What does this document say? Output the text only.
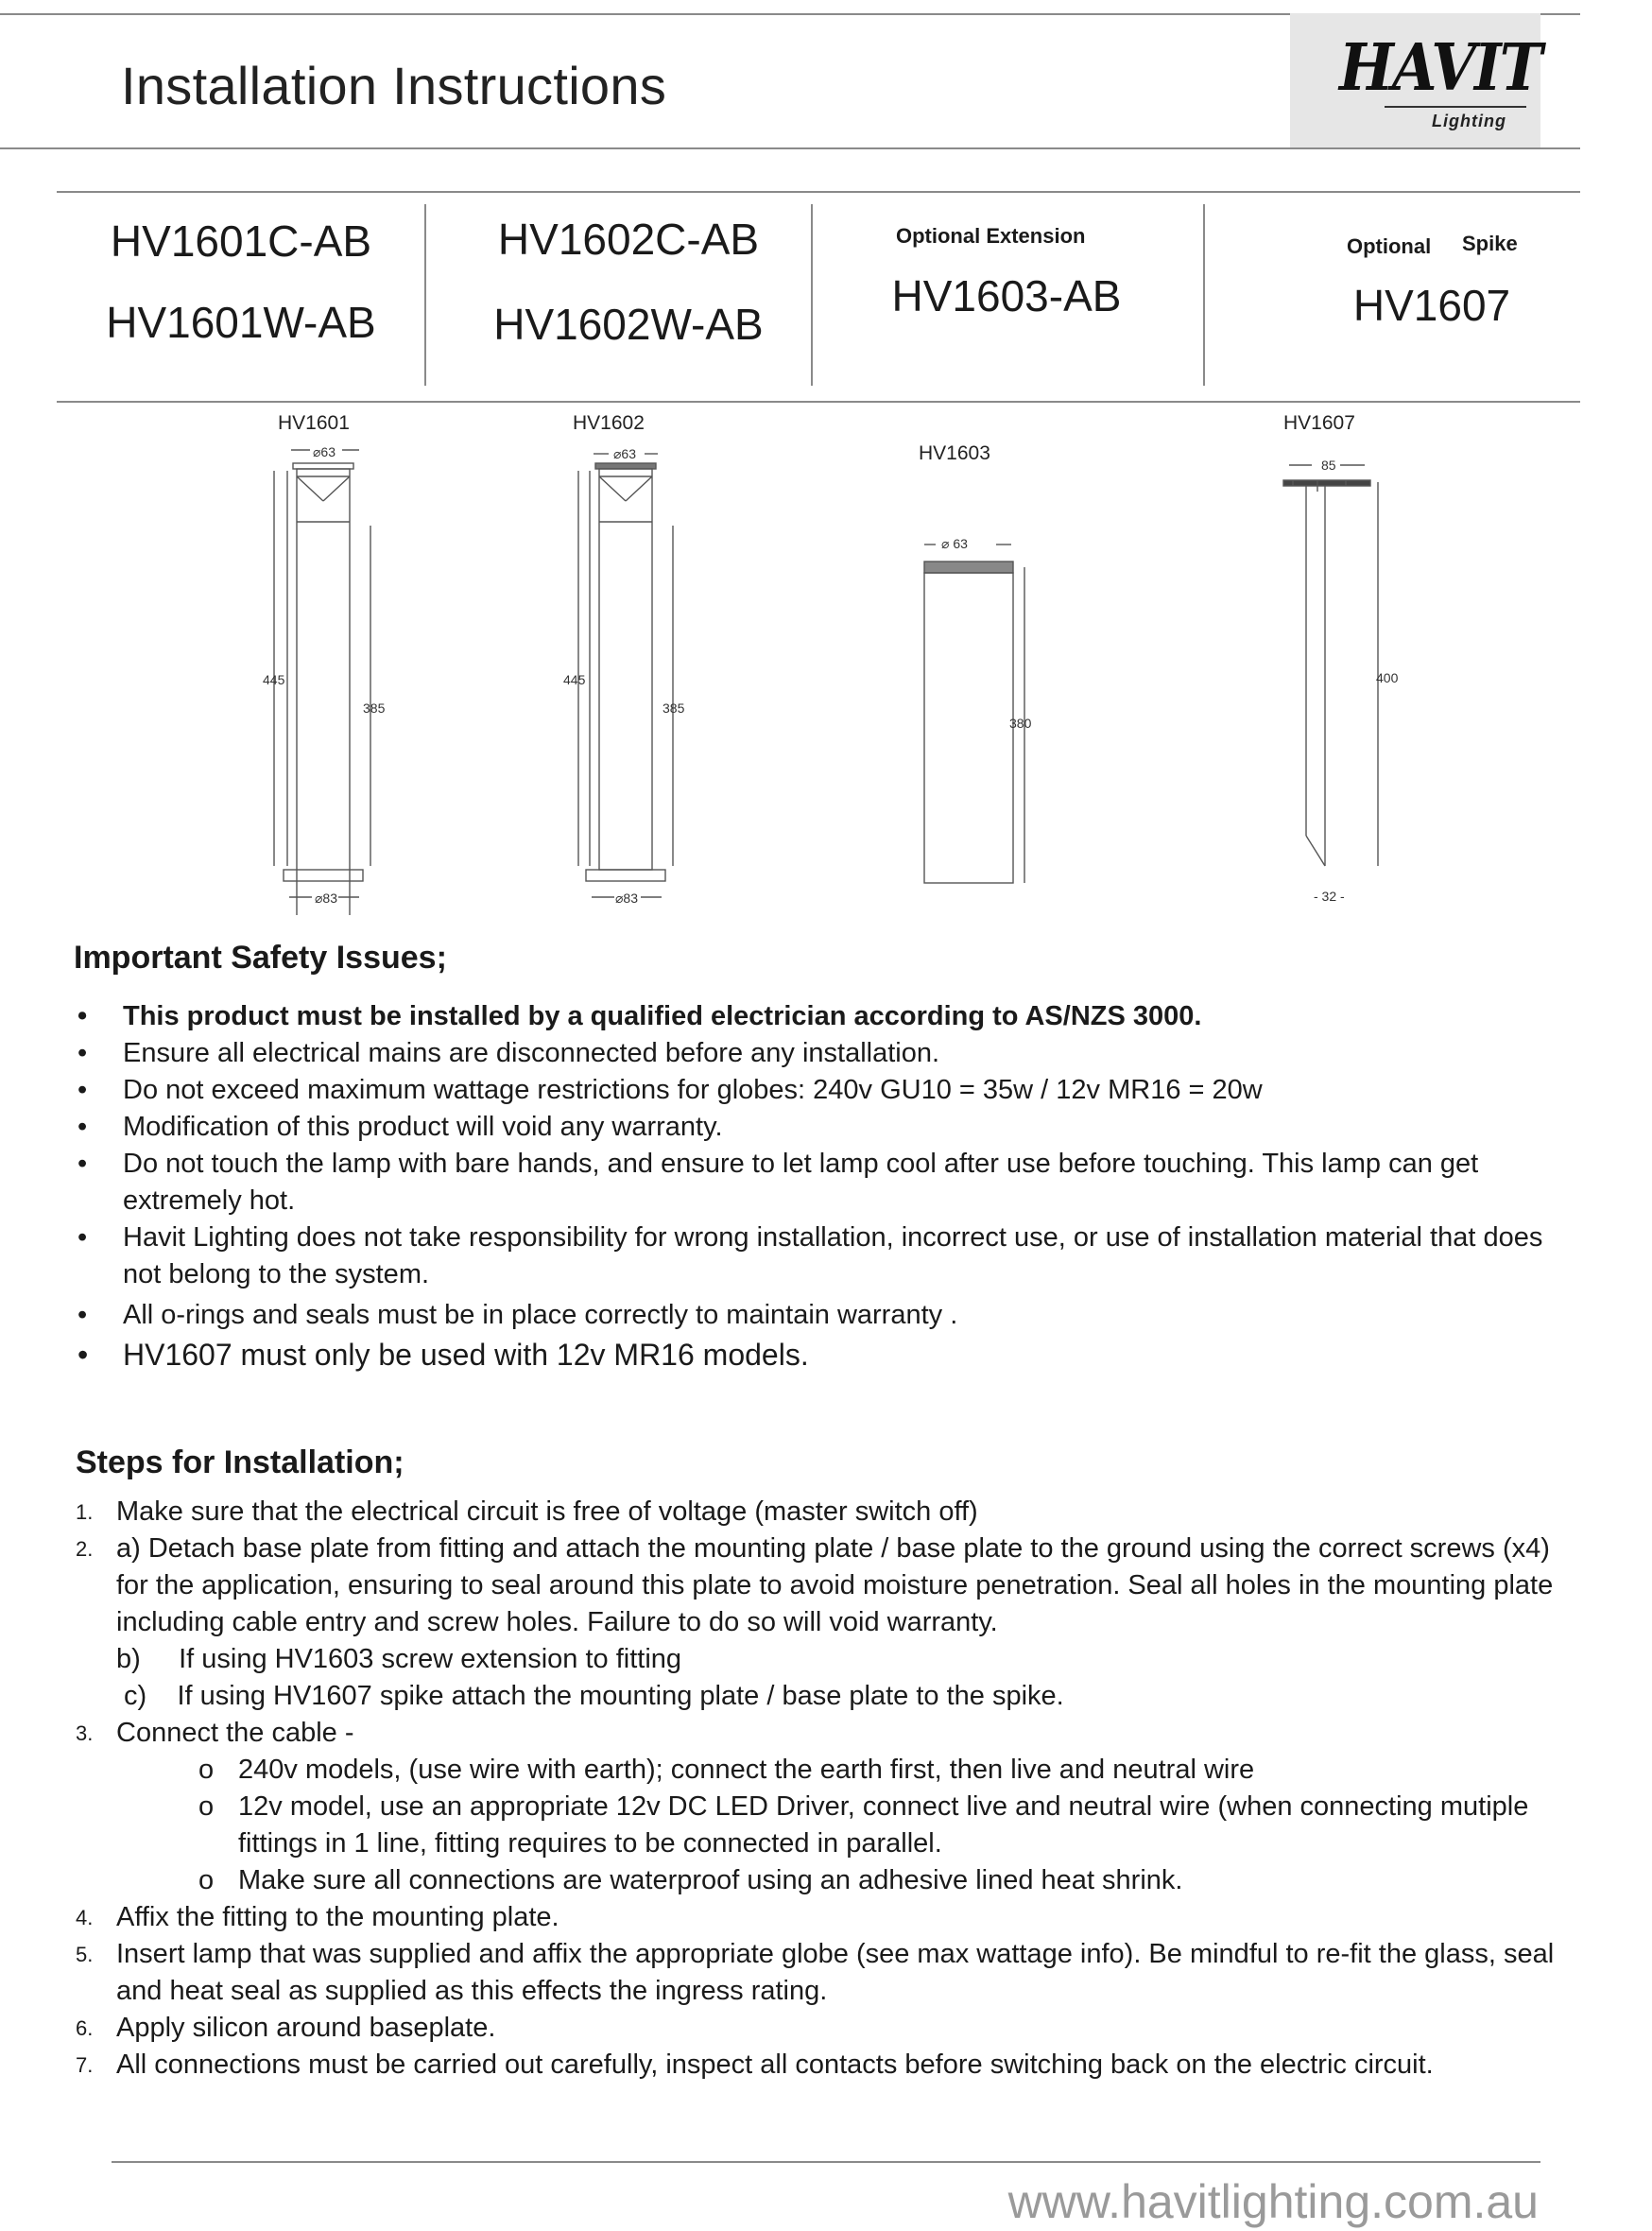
Installation Instructions	HAVIT
Lighting
HV1601C-AB
HV1601W-AB
HV1602C-AB
HV1602W-AB
Optional Extension
HV1603-AB
Optional Spike
HV1607
HV1601	HV1602
HV1603
HV1607
⌀63
445
385
⌀83
⌀63
445
385
⌀83
⌀ 63
380
85
400
- 32 -
Important Safety Issues;
• This product must be installed by a qualified electrician according to AS/NZS 3000.
• Ensure all electrical mains are disconnected before any installation.
• Do not exceed maximum wattage restrictions for globes: 240v GU10 = 35w / 12v MR16 = 20w
• Modification of this product will void any warranty.
• Do not touch the lamp with bare hands, and ensure to let lamp cool after use before touching. This lamp can get extremely hot.
• Havit Lighting does not take responsibility for wrong installation, incorrect use, or use of installation material that does not belong to the system.
• All o-rings and seals must be in place correctly to maintain warranty .
• HV1607 must only be used with 12v MR16 models.
Steps for Installation;
1. Make sure that the electrical circuit is free of voltage (master switch off)
2. a) Detach base plate from fitting and attach the mounting plate / base plate to the ground using the correct screws (x4) for the application, ensuring to seal around this plate to avoid moisture penetration. Seal all holes in the mounting plate including cable entry and screw holes. Failure to do so will void warranty.
b)     If using HV1603 screw extension to fitting
c)    If using HV1607 spike attach the mounting plate / base plate to the spike.
3. Connect the cable -
o 240v models, (use wire with earth); connect the earth first, then live and neutral wire
o 12v model, use an appropriate 12v DC LED Driver, connect live and neutral wire (when connecting mutiple fittings in 1 line, fitting requires to be connected in parallel.
o Make sure all connections are waterproof using an adhesive lined heat shrink.
4. Affix the fitting to the mounting plate.
5. Insert lamp that was supplied and affix the appropriate globe (see max wattage info). Be mindful to re-fit the glass, seal and heat seal as supplied as this effects the ingress rating.
6. Apply silicon around baseplate.
7. All connections must be carried out carefully, inspect all contacts before switching back on the electric circuit.
www.havitlighting.com.au
